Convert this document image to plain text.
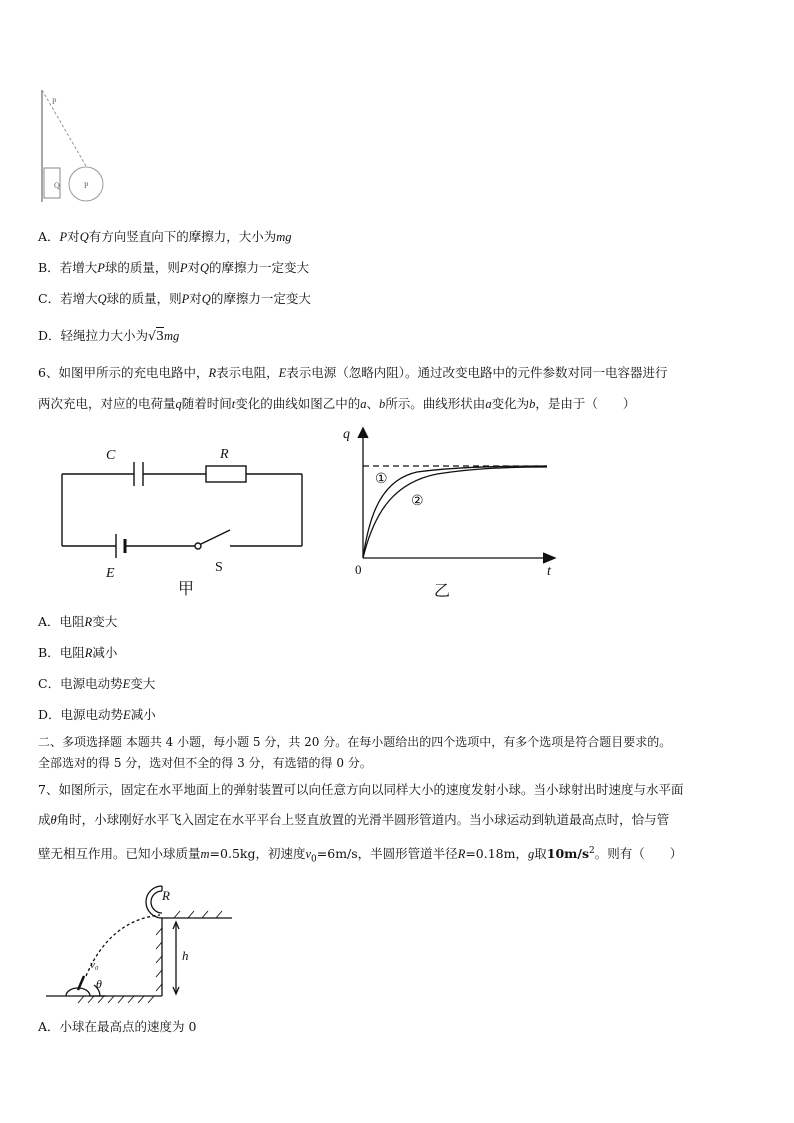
P
Q	P
A．P对Q有方向竖直向下的摩擦力，大小为mg
B．若增大P球的质量，则P对Q的摩擦力一定变大
C．若增大Q球的质量，则P对Q的摩擦力一定变大
D．轻绳拉力大小为√3mg
6、如图甲所示的充电电路中，R表示电阻，E表示电源（忽略内阻）。通过改变电路中的元件参数对同一电容器进行
两次充电，对应的电荷量q随着时间t变化的曲线如图乙中的a、b所示。曲线形状由a变化为b，是由于（　　）
C	R
E	S
甲
q
t
0
①
②
乙
A．电阻R变大
B．电阻R减小
C．电源电动势E变大
D．电源电动势E减小
二、多项选择题 本题共 4 小题，每小题 5 分，共 20 分。在每小题给出的四个选项中，有多个选项是符合题目要求的。
全部选对的得 5 分，选对但不全的得 3 分，有选错的得 0 分。
7、如图所示，固定在水平地面上的弹射装置可以向任意方向以同样大小的速度发射小球。当小球射出时速度与水平面
成θ角时，小球刚好水平飞入固定在水平平台上竖直放置的光滑半圆形管道内。当小球运动到轨道最高点时，恰与管
壁无相互作用。已知小球质量m=0.5kg，初速度$v_0=6m/s$，半圆形管道半径R=0.18m，g取$10m/s^2$。则有（　　）
R
h
v₀
θ
A．小球在最高点的速度为 0
